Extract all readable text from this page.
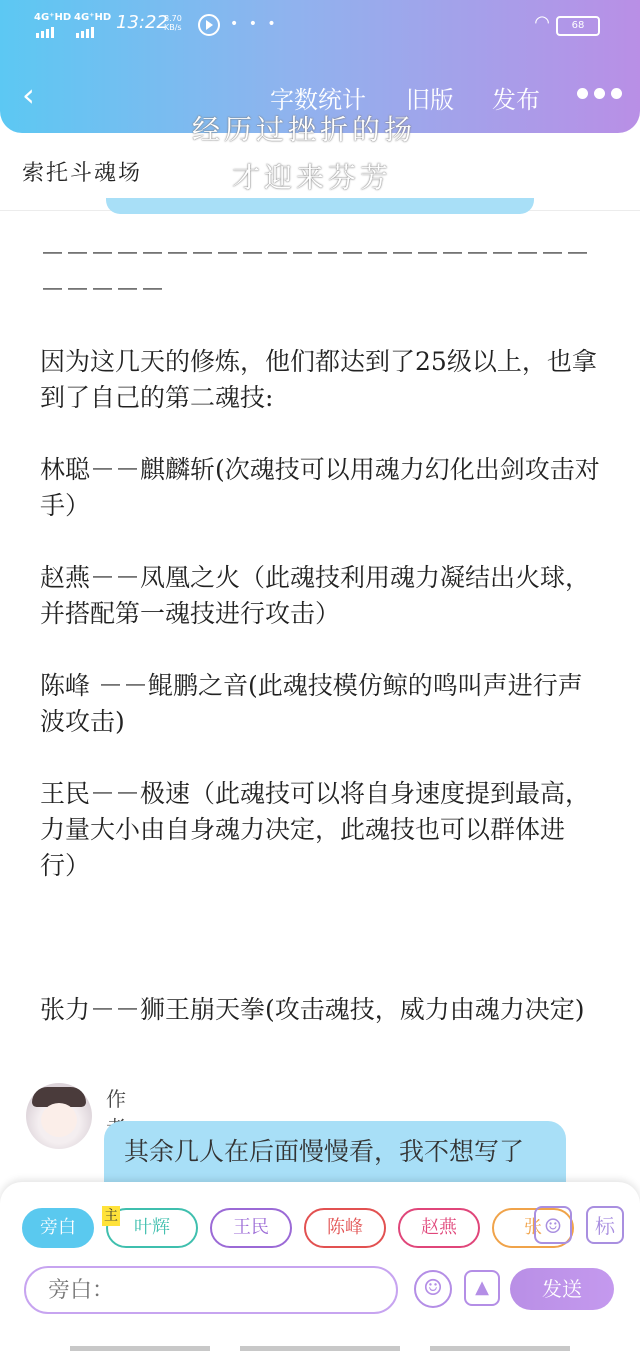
4G⁺HD 4G⁺HD 13:22
8.70
KB/s	• • •	◠	68
‹	字数统计 旧版 发布
经历过挫折的扬
才迎来芬芳
索托斗魂场

－－－－－－－－－－－－－－－－－－－－－－－－－－－

因为这几天的修炼，他们都达到了25级以上，也拿到了自己的第二魂技:

林聪－－麒麟斩(次魂技可以用魂力幻化出剑攻击对手）

赵燕－－凤凰之火（此魂技利用魂力凝结出火球，并搭配第一魂技进行攻击）

陈峰 －－鲲鹏之音(此魂技模仿鲸的鸣叫声进行声波攻击)

王民－－极速（此魂技可以将自身速度提到最高，力量大小由自身魂力决定，此魂技也可以群体进行）

张力－－狮王崩天拳(攻击魂技，威力由魂力决定)

作
其余几人在后面慢慢看，我不想写了
旁白
主
叶辉	王民	陈峰	赵燕	张 ☺	标
旁白：
☺	▲	发送
